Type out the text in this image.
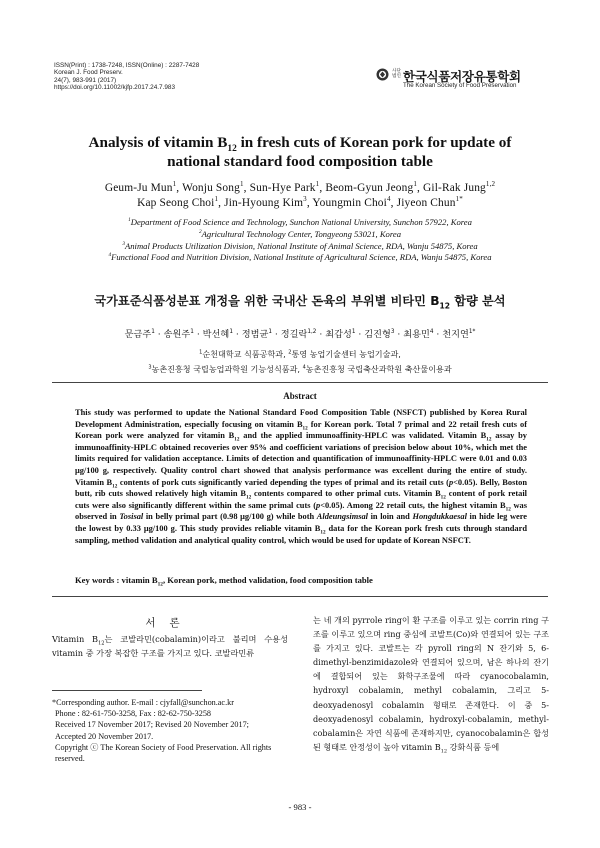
ISSN(Print) : 1738-7248, ISSN(Online) : 2287-7428
Korean J. Food Preserv.
24(7), 983-991 (2017)
https://doi.org/10.11002/kjfp.2017.24.7.983
사단법인 한국식품저장유통학회
The Korean Society of Food Preservation
Analysis of vitamin $B_{12}$ in fresh cuts of Korean pork for update of
national standard food composition table
Geum-Ju Mun$^1$, Wonju Song$^1$, Sun-Hye Park$^1$, Beom-Gyun Jeong$^1$, Gil-Rak Jung$^{1,2}$
Kap Seong Choi$^1$, Jin-Hyoung Kim$^3$, Youngmin Choi$^4$, Jiyeon Chun$^{1*}$
$^1$Department of Food Science and Technology, Sunchon National University, Sunchon 57922, Korea
$^2$Agricultural Technology Center, Tongyeong 53021, Korea
$^3$Animal Products Utilization Division, National Institute of Animal Science, RDA, Wanju 54875, Korea
$^4$Functional Food and Nutrition Division, National Institute of Agricultural Science, RDA, Wanju 54875, Korea
국가표준식품성분표 개정을 위한 국내산 돈육의 부위별 비타민 $B_{12}$ 함량 분석
문금주$^1$ · 송원주$^1$ · 박선혜$^1$ · 정범균$^1$ · 정길락$^{1,2}$ · 최갑성$^1$ · 김진형$^3$ · 최용민$^4$ · 천지연$^{1*}$
$^1$순천대학교 식품공학과, $^2$통영 농업기술센터 농업기술과,
$^3$농촌진흥청 국립농업과학원 기능성식품과, $^4$농촌진흥청 국립축산과학원 축산물이용과
Abstract
This study was performed to update the National Standard Food Composition Table (NSFCT) published by Korea Rural Development Administration, especially focusing on vitamin $B_{12}$ for Korean pork. Total 7 primal and 22 retail fresh cuts of Korean pork were analyzed for vitamin $B_{12}$ and the applied immunoaffinity-HPLC was validated. Vitamin $B_{12}$ assay by immunoaffinity-HPLC obtained recoveries over 95% and coefficient variations of precision below about 10%, which met the limits required for validation acceptance. Limits of detection and quantification of immunoaffinity-HPLC were 0.01 and 0.03 μg/100 g, respectively. Quality control chart showed that analysis performance was excellent during the entire of study. Vitamin $B_{12}$ contents of pork cuts significantly varied depending the types of primal and its retail cuts (p<0.05). Belly, Boston butt, rib cuts showed relatively high vitamin $B_{12}$ contents compared to other primal cuts. Vitamin $B_{12}$ content of pork retail cuts were also significantly different within the same primal cuts (p<0.05). Among 22 retail cuts, the highest vitamin $B_{12}$ was observed in Tosisal in belly primal part (0.98 μg/100 g) while both Aldeungsimsal in loin and Hongdukkaesal in hide leg were the lowest by 0.33 μg/100 g. This study provides reliable vitamin $B_{12}$ data for the Korean pork fresh cuts through standard sampling, method validation and analytical quality control, which would be used for update of Korean NSFCT.
Key words : vitamin $B_{12}$, Korean pork, method validation, food composition table
서론
Vitamin $B_{12}$는 코발라민(cobalamin)이라고 불리며 수용성 vitamin 중 가장 복잡한 구조를 가지고 있다. 코발라민류
*Corresponding author. E-mail : cjyfall@sunchon.ac.kr
Phone : 82-61-750-3258, Fax : 82-62-750-3258
Received 17 November 2017; Revised 20 November 2017;
Accepted 20 November 2017.
Copyright ⓒ The Korean Society of Food Preservation. All rights reserved.
는 네 개의 pyrrole ring이 환 구조를 이루고 있는 corrin ring 구조를 이루고 있으며 ring 중심에 코발트(Co)와 연결되어 있는 구조를 가지고 있다. 코발트는 각 pyroll ring의 N 잔기와 5, 6-dimethyl-benzimidazole와 연결되어 있으며, 남은 하나의 잔기에 결합되어 있는 화학구조물에 따라 cyanocobalamin, hydroxyl cobalamin, methyl cobalamin, 그리고 5-deoxyadenosyl cobalamin 형태로 존재한다. 이 중 5-deoxyadenosyl cobalamin, hydroxyl-cobalamin, methyl-cobalamin은 자연 식품에 존재하지만, cyanocobalamin은 합성된 형태로 안정성이 높아 vitamin $B_{12}$ 강화식품 등에
- 983 -
